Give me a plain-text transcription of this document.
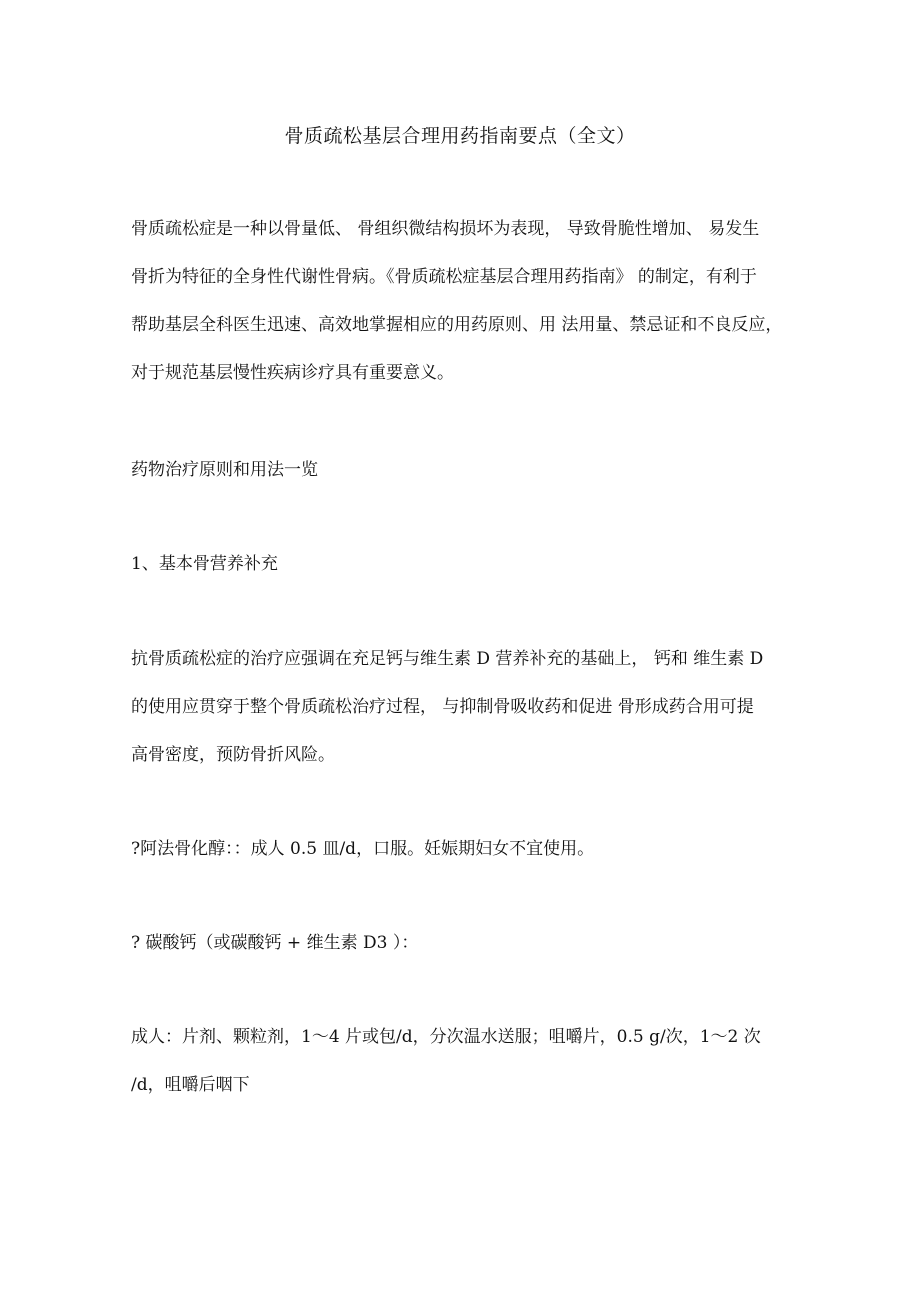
骨质疏松基层合理用药指南要点（全文）
骨质疏松症是一种以骨量低、 骨组织微结构损坏为表现， 导致骨脆性增加、 易发生
骨折为特征的全身性代谢性骨病。《骨质疏松症基层合理用药指南》 的制定，有利于
帮助基层全科医生迅速、高效地掌握相应的用药原则、用 法用量、禁忌证和不良反应，
对于规范基层慢性疾病诊疗具有重要意义。
药物治疗原则和用法一览
1、基本骨营养补充
抗骨质疏松症的治疗应强调在充足钙与维生素 D 营养补充的基础上， 钙和 维生素 D
的使用应贯穿于整个骨质疏松治疗过程， 与抑制骨吸收药和促进 骨形成药合用可提
高骨密度，预防骨折风险。
?阿法骨化醇：：成人 0.5 皿/d，口服。妊娠期妇女不宜使用。
? 碳酸钙（或碳酸钙 + 维生素 D3 ）：
成人：片剂、颗粒剂，1～4 片或包/d，分次温水送服；咀嚼片，0.5 g/次，1～2 次
/d，咀嚼后咽下
